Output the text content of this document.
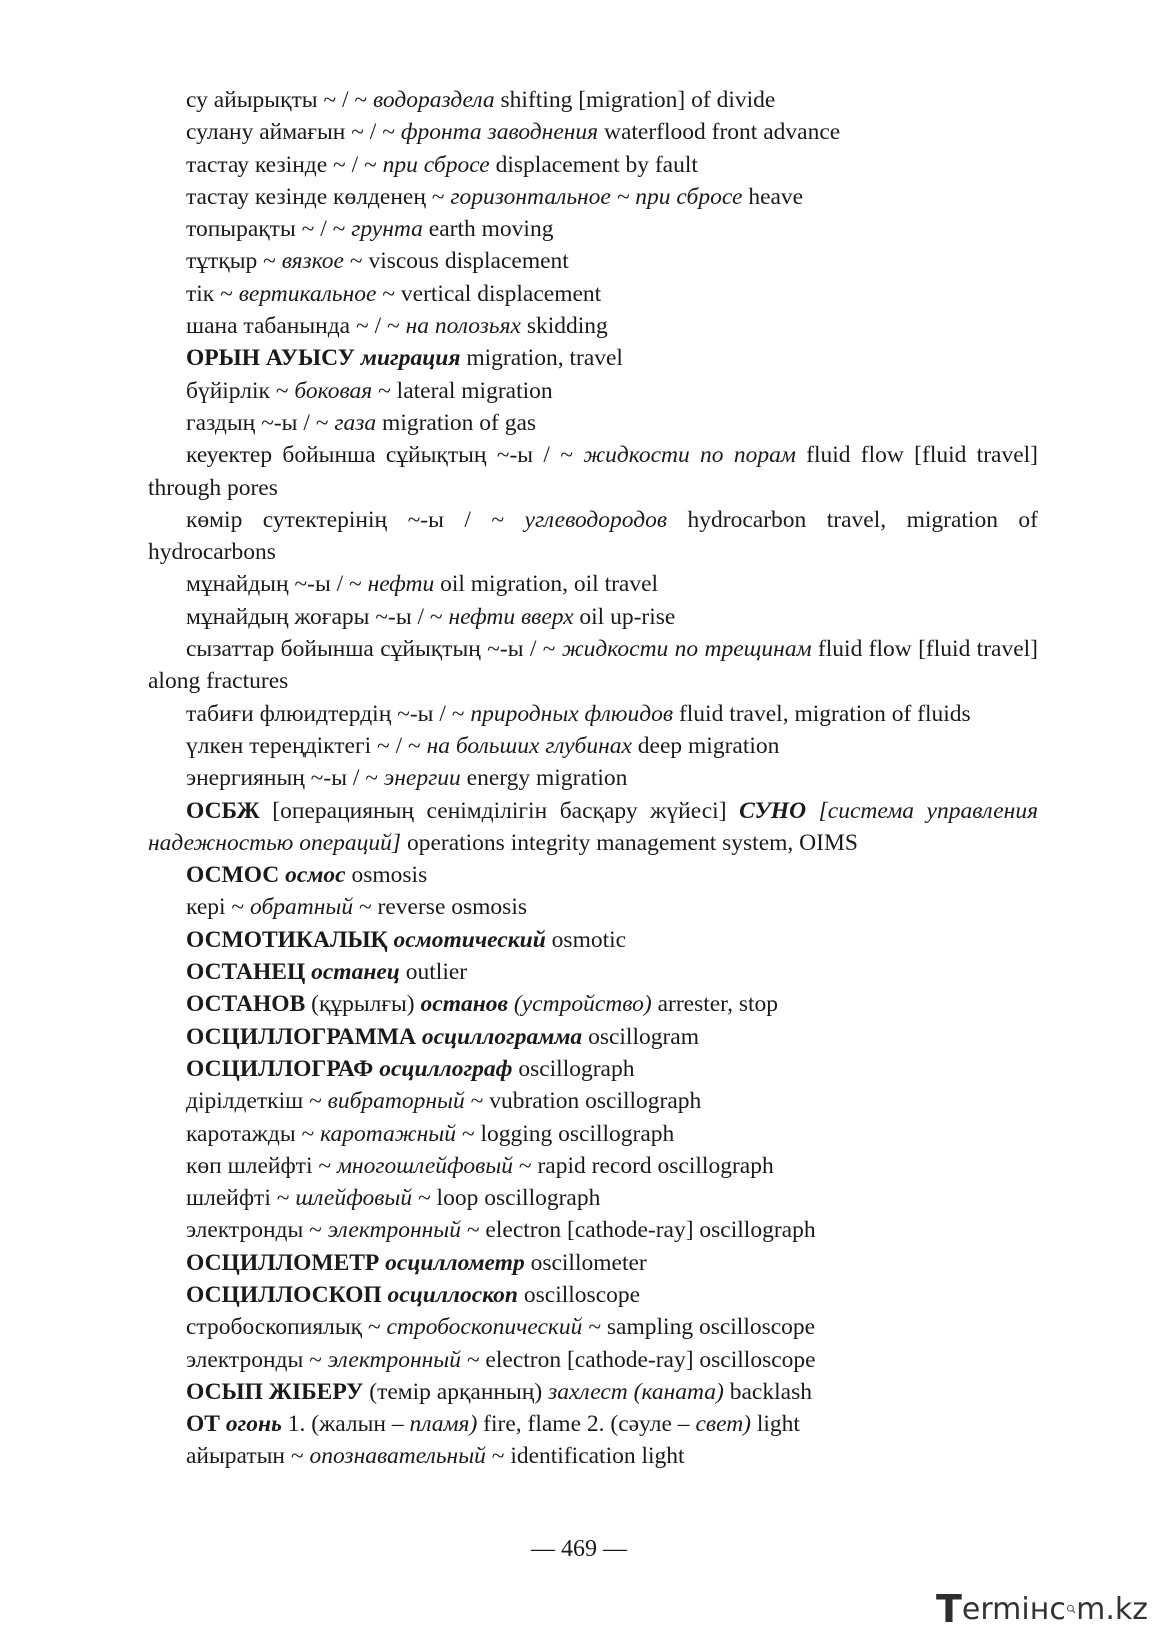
су айырықты ~ / ~ водораздела shifting [migration] of divide
сулану аймағын ~ / ~ фронта заводнения waterflood front advance
тастау кезінде ~ / ~ при сбросе displacement by fault
тастау кезінде көлденең ~ горизонтальное ~ при сбросе heave
топырақты ~ / ~ грунта earth moving
тұтқыр ~ вязкое ~ viscous displacement
тік ~ вертикальное ~ vertical displacement
шана табанында ~ / ~ на полозьях skidding
ОРЫН АУЫСУ миграция migration, travel
бүйірлік ~ боковая ~ lateral migration
газдың ~-ы / ~ газа migration of gas
кеуектер бойынша сұйықтың ~-ы / ~ жидкости по порам fluid flow [fluid travel] through pores
көмір сутектерінің ~-ы / ~ углеводородов hydrocarbon travel, migration of hydrocarbons
мұнайдың ~-ы / ~ нефти oil migration, oil travel
мұнайдың жоғары ~-ы / ~ нефти вверх oil up-rise
сызаттар бойынша сұйықтың ~-ы / ~ жидкости по трещинам fluid flow [fluid travel] along fractures
табиғи флюидтердің ~-ы / ~ природных флюидов fluid travel, migration of fluids
үлкен тереңдіктегі ~ / ~ на больших глубинах deep migration
энергияның ~-ы / ~ энергии energy migration
ОСБЖ [операцияның сенімділігін басқару жүйесі] СУНО [система управления надежностью операций] operations integrity management system, OIMS
ОСМОС осмос osmosis
кері ~ обратный ~ reverse osmosis
ОСМОТИКАЛЫҚ осмотический osmotic
ОСТАНЕЦ останец outlier
ОСТАНОВ (құрылғы) останов (устройство) arrester, stop
ОСЦИЛЛОГРАММА осциллограмма oscillogram
ОСЦИЛЛОГРАФ осциллограф oscillograph
дірілдеткіш ~ вибраторный ~ vubration oscillograph
каротажды ~ каротажный ~ logging oscillograph
көп шлейфті ~ многошлейфовый ~ rapid record oscillograph
шлейфті ~ шлейфовый ~ loop oscillograph
электронды ~ электронный ~ electron [cathode-ray] oscillograph
ОСЦИЛЛОМЕТР осциллометр oscillometer
ОСЦИЛЛОСКОП осциллоскоп oscilloscope
стробоскопиялық ~ стробоскопический ~ sampling oscilloscope
электронды ~ электронный ~ electron [cathode-ray] oscilloscope
ОСЫП ЖІБЕРУ (темір арқанның) захлест (каната) backlash
ОТ огонь 1. (жалын – пламя) fire, flame 2. (сәуле – свет) light
айыратын ~ опознавательный ~ identification light
— 469 —
T ermінс m.kz
